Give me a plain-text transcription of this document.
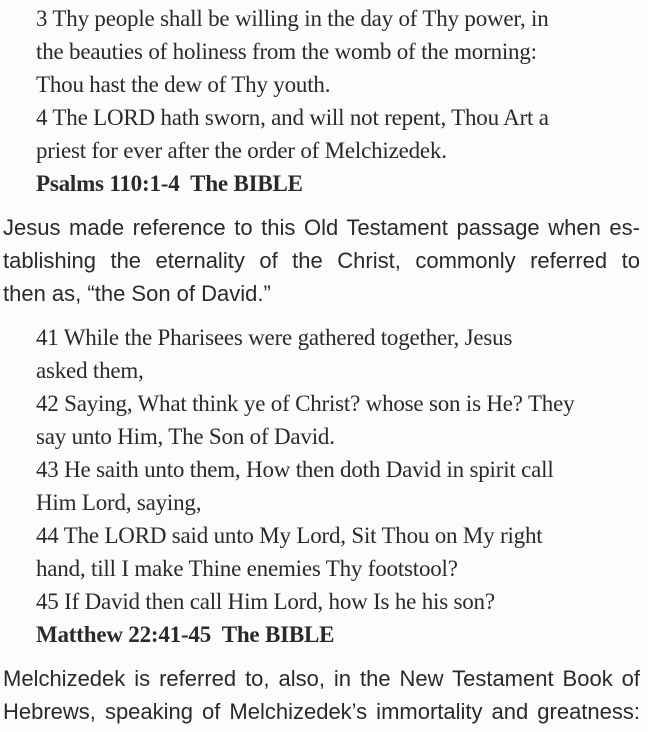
3 Thy people shall be willing in the day of Thy power, in
the beauties of holiness from the womb of the morning:
Thou hast the dew of Thy youth.
4 The LORD hath sworn, and will not repent, Thou Art a
priest for ever after the order of Melchizedek.
Psalms 110:1-4  The BIBLE
Jesus made reference to this Old Testament passage when es-
tablishing the eternality of the Christ, commonly referred to
then as, “the Son of David.”
41 While the Pharisees were gathered together, Jesus
asked them,
42 Saying, What think ye of Christ? whose son is He? They
say unto Him, The Son of David.
43 He saith unto them, How then doth David in spirit call
Him Lord, saying,
44 The LORD said unto My Lord, Sit Thou on My right
hand, till I make Thine enemies Thy footstool?
45 If David then call Him Lord, how Is he his son?
Matthew 22:41-45  The BIBLE
Melchizedek is referred to, also, in the New Testament Book of
Hebrews, speaking of Melchizedek’s immortality and greatness:
